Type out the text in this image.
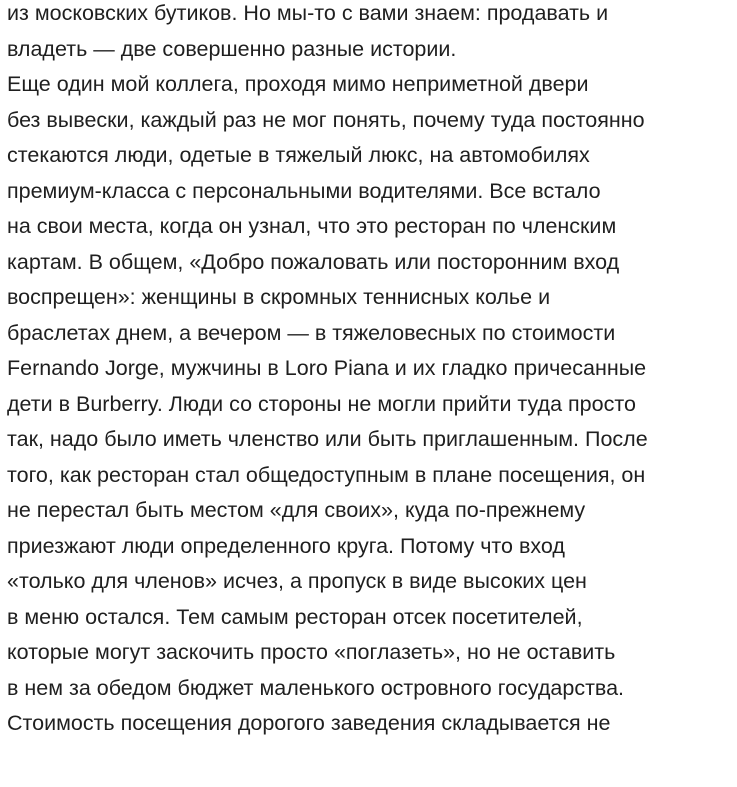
из московских бутиков. Но мы-то с вами знаем: продавать и
владеть — две совершенно разные истории.

Еще один мой коллега, проходя мимо неприметной двери
без вывески, каждый раз не мог понять, почему туда постоянно
стекаются люди, одетые в тяжелый люкс, на автомобилях
премиум-класса с персональными водителями. Все встало
на свои места, когда он узнал, что это ресторан по членским
картам. В общем, «Добро пожаловать или посторонним вход
воспрещен»: женщины в скромных теннисных колье и
браслетах днем, а вечером — в тяжеловесных по стоимости
Fernando Jorge, мужчины в Loro Piana и их гладко причесанные
дети в Burberry. Люди со стороны не могли прийти туда просто
так, надо было иметь членство или быть приглашенным. После
того, как ресторан стал общедоступным в плане посещения, он
не перестал быть местом «для своих», куда по-прежнему
приезжают люди определенного круга. Потому что вход
«только для членов» исчез, а пропуск в виде высоких цен
в меню остался. Тем самым ресторан отсек посетителей,
которые могут заскочить просто «поглазеть», но не оставить
в нем за обедом бюджет маленького островного государства.

Стоимость посещения дорогого заведения складывается не
